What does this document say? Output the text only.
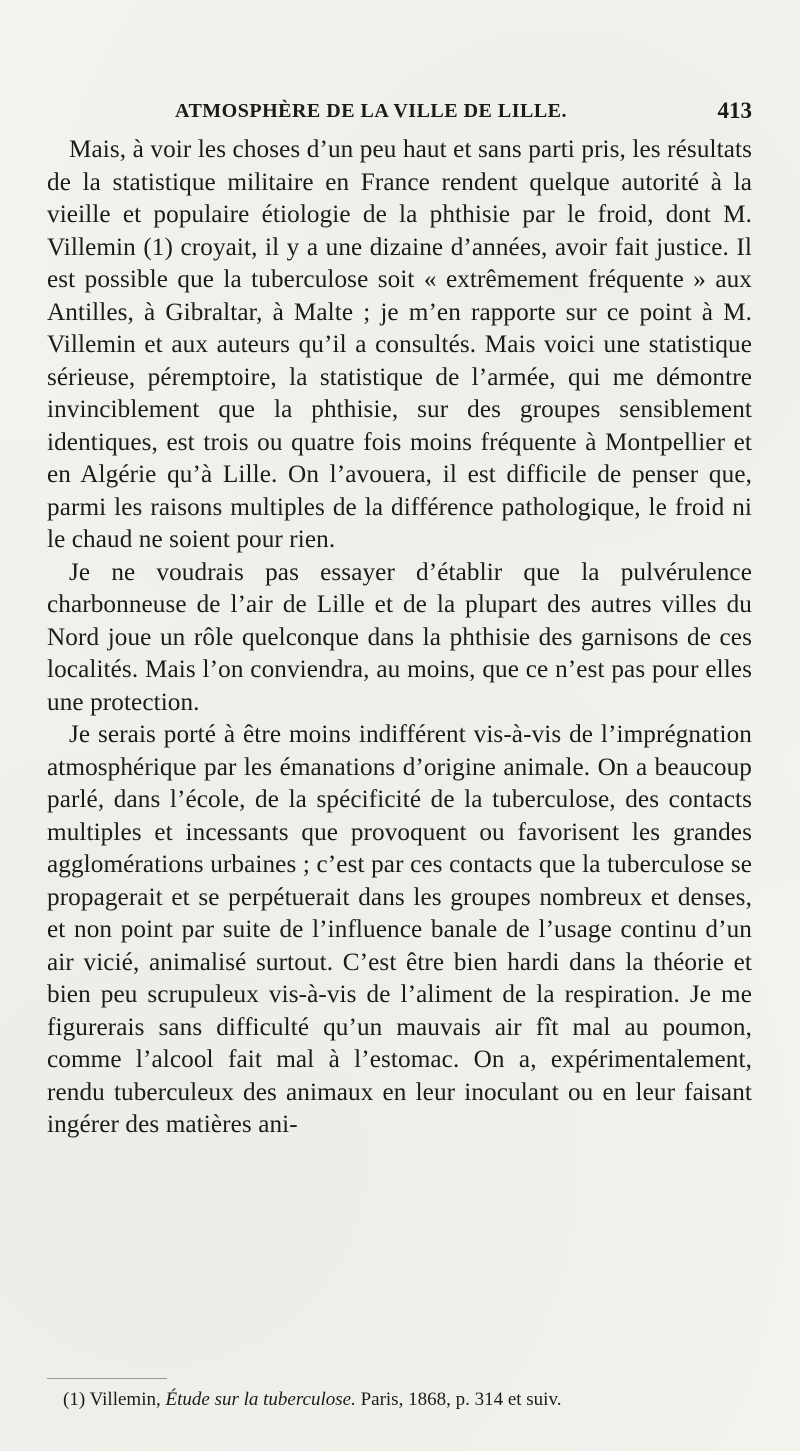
ATMOSPHÈRE DE LA VILLE DE LILLE.	413

Mais, à voir les choses d’un peu haut et sans parti pris, les résultats de la statistique militaire en France rendent quelque autorité à la vieille et populaire étiologie de la phthisie par le froid, dont M. Villemin (1) croyait, il y a une dizaine d’années, avoir fait justice. Il est possible que la tuberculose soit « extrêmement fréquente » aux Antilles, à Gibraltar, à Malte ; je m’en rapporte sur ce point à M. Villemin et aux auteurs qu’il a consultés. Mais voici une statistique sérieuse, péremptoire, la statistique de l’armée, qui me démontre invinciblement que la phthisie, sur des groupes sensiblement identiques, est trois ou quatre fois moins fréquente à Montpellier et en Algérie qu’à Lille. On l’avouera, il est difficile de penser que, parmi les raisons multiples de la différence pathologique, le froid ni le chaud ne soient pour rien.

Je ne voudrais pas essayer d’établir que la pulvérulence charbonneuse de l’air de Lille et de la plupart des autres villes du Nord joue un rôle quelconque dans la phthisie des garnisons de ces localités. Mais l’on conviendra, au moins, que ce n’est pas pour elles une protection.

Je serais porté à être moins indifférent vis-à-vis de l’imprégnation atmosphérique par les émanations d’origine animale. On a beaucoup parlé, dans l’école, de la spécificité de la tuberculose, des contacts multiples et incessants que provoquent ou favorisent les grandes agglomérations urbaines ; c’est par ces contacts que la tuberculose se propagerait et se perpétuerait dans les groupes nombreux et denses, et non point par suite de l’influence banale de l’usage continu d’un air vicié, animalisé surtout. C’est être bien hardi dans la théorie et bien peu scrupuleux vis-à-vis de l’aliment de la respiration. Je me figurerais sans difficulté qu’un mauvais air fît mal au poumon, comme l’alcool fait mal à l’estomac. On a, expérimentalement, rendu tuberculeux des animaux en leur inoculant ou en leur faisant ingérer des matières ani-

(1) Villemin, Étude sur la tuberculose. Paris, 1868, p. 314 et suiv.
